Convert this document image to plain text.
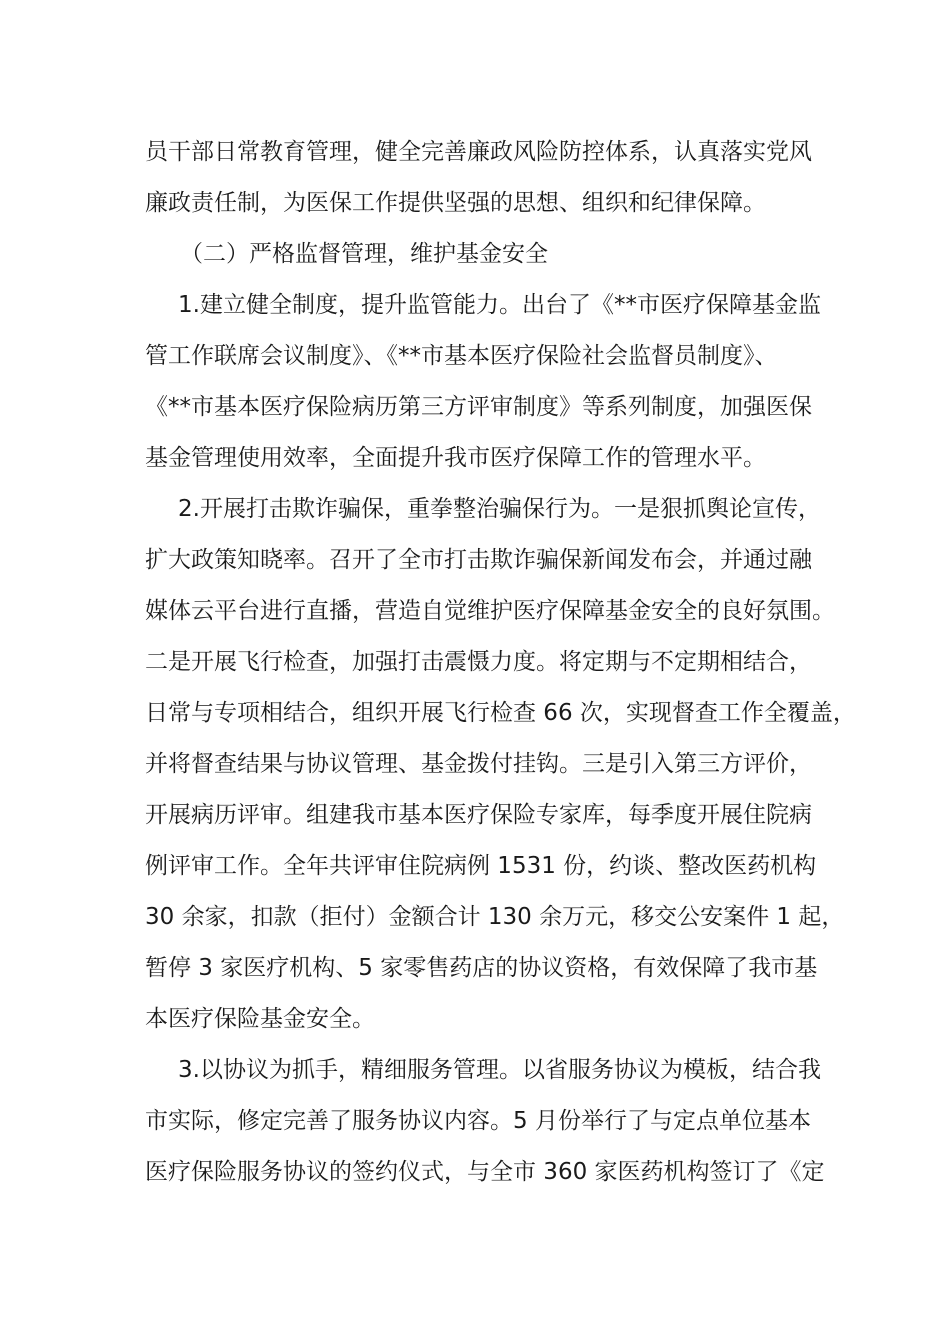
员干部日常教育管理，健全完善廉政风险防控体系，认真落实党风
廉政责任制，为医保工作提供坚强的思想、组织和纪律保障。
（二）严格监督管理，维护基金安全
1.建立健全制度，提升监管能力。出台了《**市医疗保障基金监
管工作联席会议制度》、《**市基本医疗保险社会监督员制度》、
《**市基本医疗保险病历第三方评审制度》等系列制度，加强医保
基金管理使用效率，全面提升我市医疗保障工作的管理水平。
2.开展打击欺诈骗保，重拳整治骗保行为。一是狠抓舆论宣传，
扩大政策知晓率。召开了全市打击欺诈骗保新闻发布会，并通过融
媒体云平台进行直播，营造自觉维护医疗保障基金安全的良好氛围。
二是开展飞行检查，加强打击震慑力度。将定期与不定期相结合，
日常与专项相结合，组织开展飞行检查 66 次，实现督查工作全覆盖，
并将督查结果与协议管理、基金拨付挂钩。三是引入第三方评价，
开展病历评审。组建我市基本医疗保险专家库，每季度开展住院病
例评审工作。全年共评审住院病例 1531 份，约谈、整改医药机构
30 余家，扣款（拒付）金额合计 130 余万元，移交公安案件 1 起，
暂停 3 家医疗机构、5 家零售药店的协议资格，有效保障了我市基
本医疗保险基金安全。
3.以协议为抓手，精细服务管理。以省服务协议为模板，结合我
市实际，修定完善了服务协议内容。5 月份举行了与定点单位基本
医疗保险服务协议的签约仪式，与全市 360 家医药机构签订了《定
